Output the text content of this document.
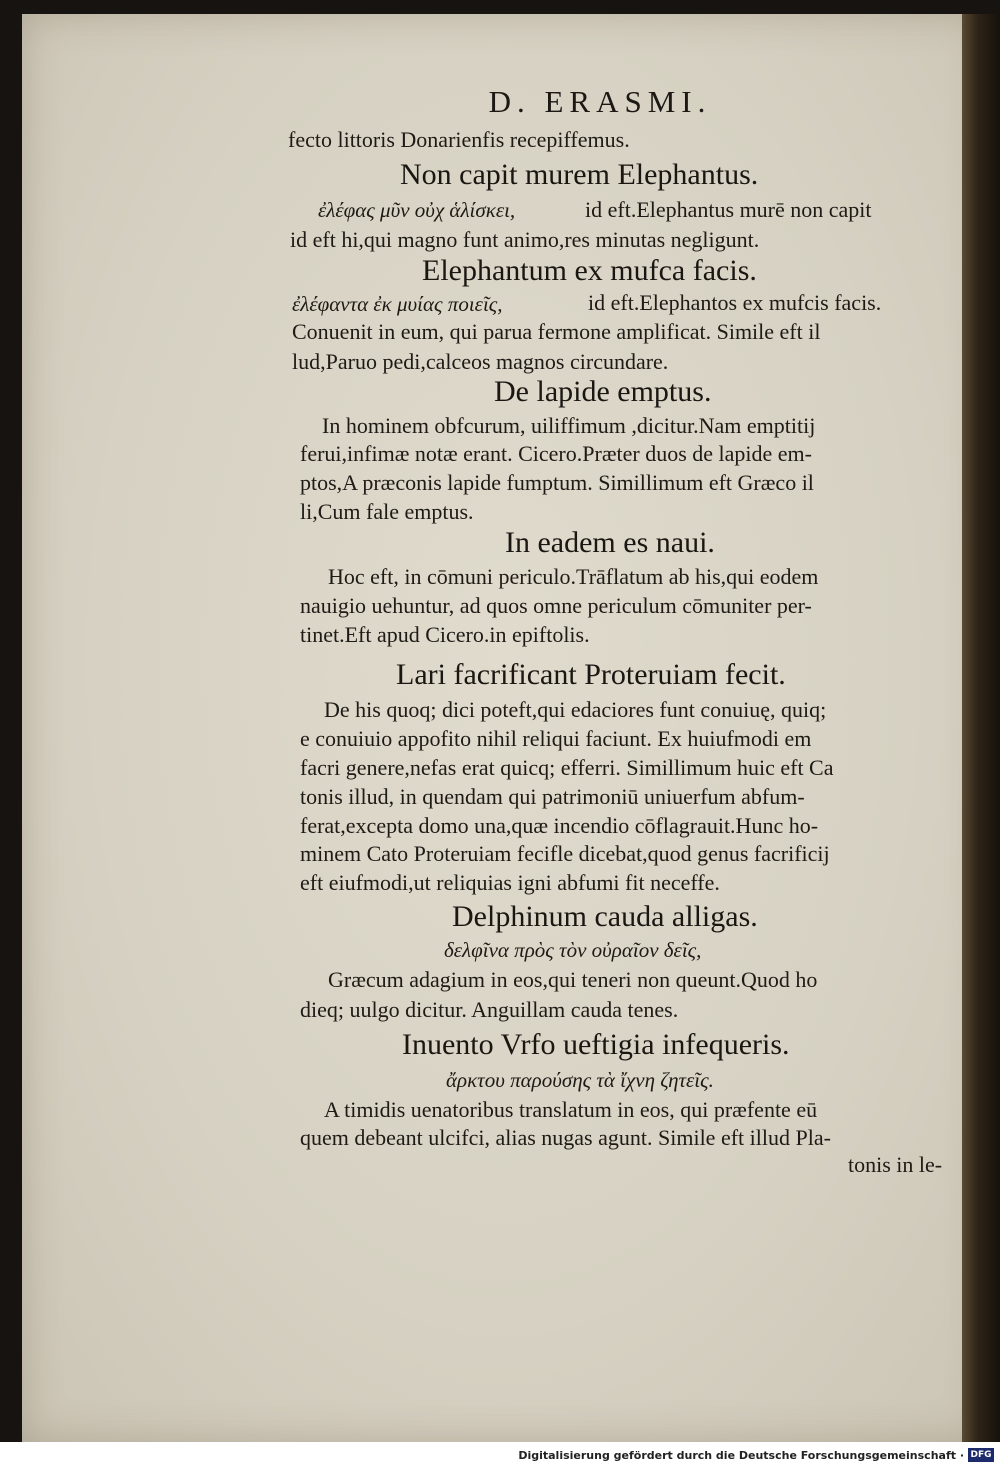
D. ERASMI.
fecto littoris Donarienfis recepiffemus.
Non capit murem Elephantus.
ἐλέφας μῦν οὐχ ἁλίσκει,	id eft.Elephantus murē non capit
id eft hi,qui magno funt animo,res minutas negligunt.
Elephantum ex mufca facis.
ἐλέφαντα ἐκ μυίας ποιεῖς,	id eft.Elephantos ex mufcis facis.
Conuenit in eum, qui parua fermone amplificat. Simile eft il
lud,Paruo pedi,calceos magnos circundare.
De lapide emptus.
In hominem obfcurum, uiliffimum ,dicitur.Nam emptitij
ferui,infimæ notæ erant. Cicero.Præter duos de lapide em-
ptos,A præconis lapide fumptum. Simillimum eft Græco il
li,Cum fale emptus.
In eadem es naui.
Hoc eft, in cōmuni periculo.Trāflatum ab his,qui eodem
nauigio uehuntur, ad quos omne periculum cōmuniter per-
tinet.Eft apud Cicero.in epiftolis.
Lari facrificant Proteruiam fecit.
De his quoq; dici poteft,qui edaciores funt conuiuę, quiq;
e conuiuio appofito nihil reliqui faciunt. Ex huiufmodi em
facri genere,nefas erat quicq; efferri. Simillimum huic eft Ca
tonis illud, in quendam qui patrimoniū uniuerfum abfum-
ferat,excepta domo una,quæ incendio cōflagrauit.Hunc ho-
minem Cato Proteruiam fecifle dicebat,quod genus facrificij
eft eiufmodi,ut reliquias igni abfumi fit neceffe.
Delphinum cauda alligas.
δελφῖνα πρὸς τὸν οὐραῖον δεῖς,
Græcum adagium in eos,qui teneri non queunt.Quod ho
dieq; uulgo dicitur. Anguillam cauda tenes.
Inuento Vrfo ueftigia infequeris.
ἄρκτου παρούσης τὰ ἴχνη ζητεῖς.
A timidis uenatoribus translatum in eos, qui præfente eū
quem debeant ulcifci, alias nugas agunt. Simile eft illud Pla-
tonis in le-
Digitalisierung gefördert durch die Deutsche Forschungsgemeinschaft · DFG
